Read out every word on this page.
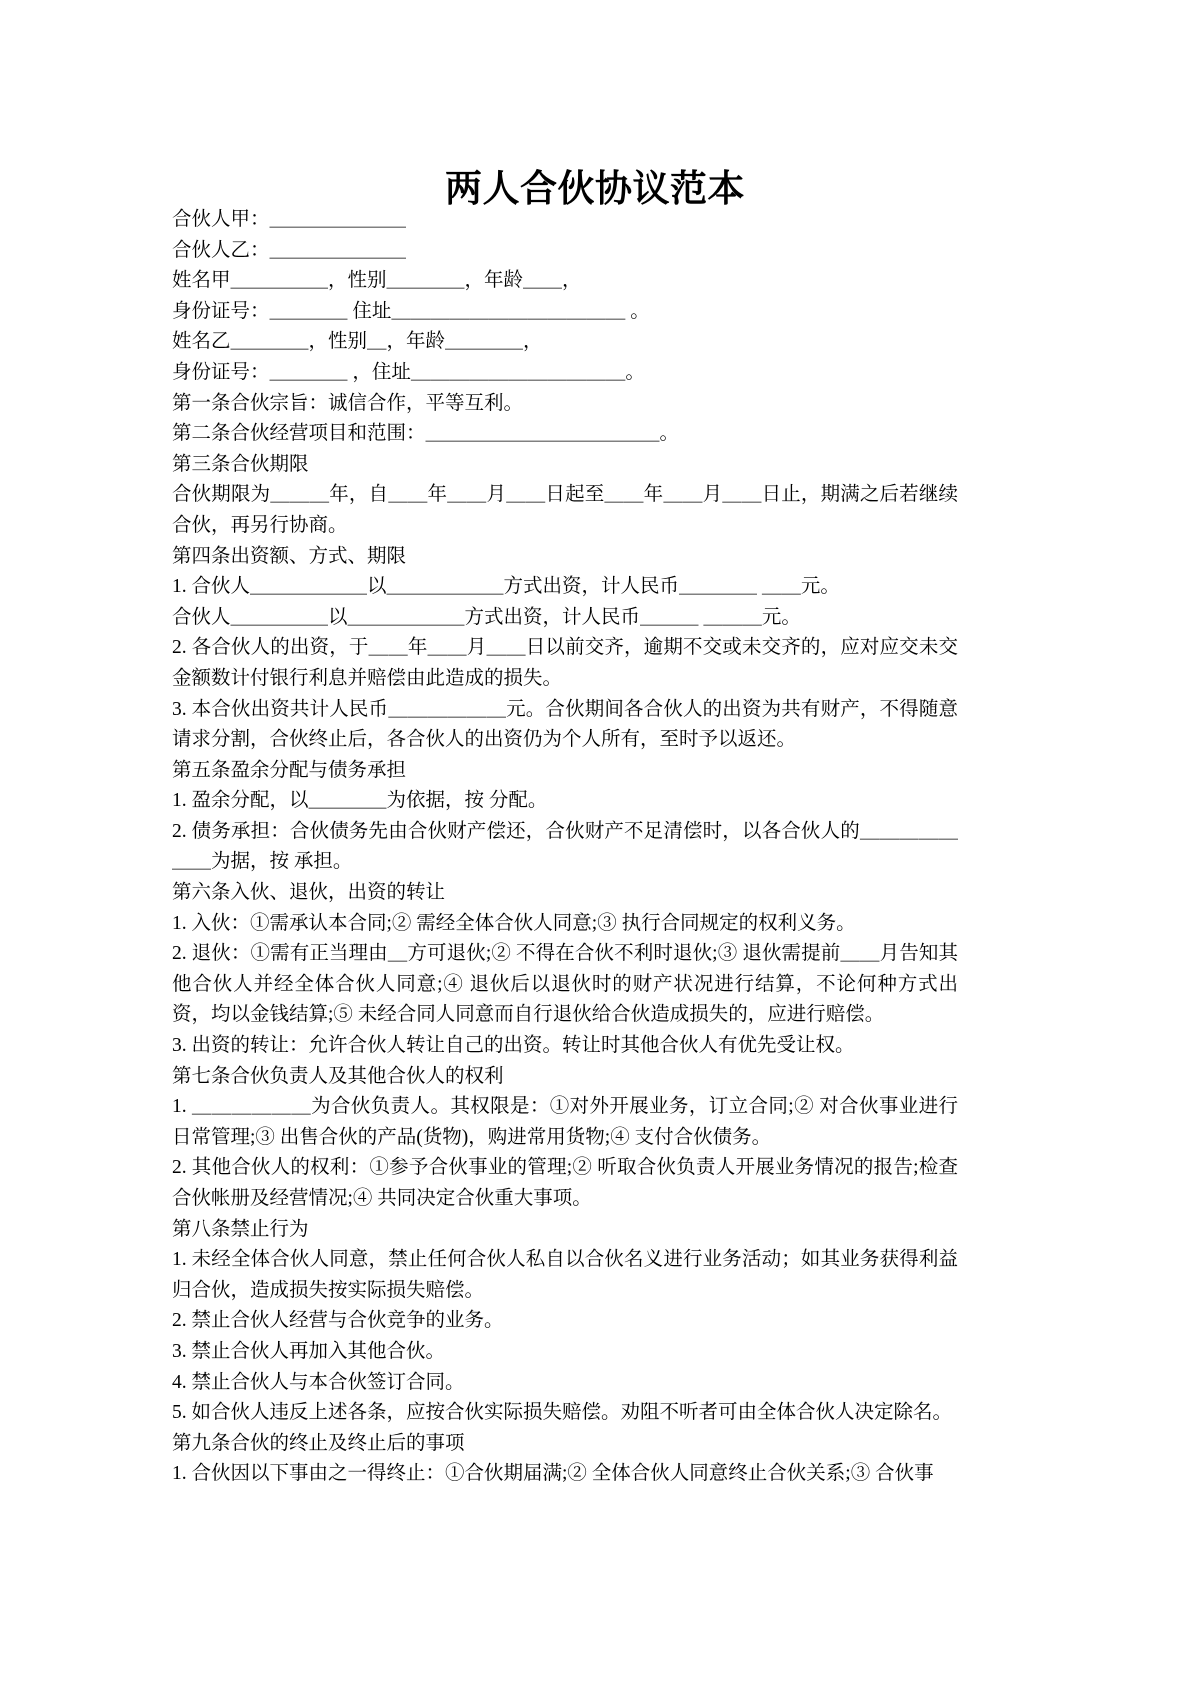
两人合伙协议范本

合伙人甲：＿＿＿＿＿＿＿

合伙人乙：＿＿＿＿＿＿＿

姓名甲＿＿＿＿＿，性别＿＿＿＿，年龄＿＿，

身份证号：＿＿＿＿ 住址＿＿＿＿＿＿＿＿＿＿＿＿ 。

姓名乙＿＿＿＿，性别＿，年龄＿＿＿＿，

身份证号：＿＿＿＿ ，住址＿＿＿＿＿＿＿＿＿＿＿。

第一条合伙宗旨：诚信合作，平等互利。

第二条合伙经营项目和范围：＿＿＿＿＿＿＿＿＿＿＿＿。

第三条合伙期限

合伙期限为＿＿＿年，自＿＿年＿＿月＿＿日起至＿＿年＿＿月＿＿日止，期满之后若继续合伙，再另行协商。

第四条出资额、方式、期限

1. 合伙人＿＿＿＿＿＿以＿＿＿＿＿＿方式出资，计人民币＿＿＿＿ ＿＿元。

合伙人＿＿＿＿＿以＿＿＿＿＿＿方式出资，计人民币＿＿＿ ＿＿＿元。

2. 各合伙人的出资，于＿＿年＿＿月＿＿日以前交齐，逾期不交或未交齐的，应对应交未交金额数计付银行利息并赔偿由此造成的损失。

3. 本合伙出资共计人民币＿＿＿＿＿＿元。合伙期间各合伙人的出资为共有财产，不得随意请求分割，合伙终止后，各合伙人的出资仍为个人所有，至时予以返还。

第五条盈余分配与债务承担

1. 盈余分配，以＿＿＿＿为依据，按 分配。

2. 债务承担：合伙债务先由合伙财产偿还，合伙财产不足清偿时，以各合伙人的＿＿＿＿＿＿＿为据，按 承担。

第六条入伙、退伙，出资的转让

1. 入伙：①需承认本合同;② 需经全体合伙人同意;③ 执行合同规定的权利义务。

2. 退伙：①需有正当理由＿方可退伙;② 不得在合伙不利时退伙;③ 退伙需提前＿＿月告知其他合伙人并经全体合伙人同意;④ 退伙后以退伙时的财产状况进行结算，不论何种方式出资，均以金钱结算;⑤ 未经合同人同意而自行退伙给合伙造成损失的，应进行赔偿。

3. 出资的转让：允许合伙人转让自己的出资。转让时其他合伙人有优先受让权。

第七条合伙负责人及其他合伙人的权利

1. ＿＿＿＿＿＿为合伙负责人。其权限是：①对外开展业务，订立合同;② 对合伙事业进行日常管理;③ 出售合伙的产品(货物)，购进常用货物;④ 支付合伙债务。

2. 其他合伙人的权利：①参予合伙事业的管理;② 听取合伙负责人开展业务情况的报告;检查合伙帐册及经营情况;④ 共同决定合伙重大事项。

第八条禁止行为

1. 未经全体合伙人同意，禁止任何合伙人私自以合伙名义进行业务活动；如其业务获得利益归合伙，造成损失按实际损失赔偿。

2. 禁止合伙人经营与合伙竞争的业务。

3. 禁止合伙人再加入其他合伙。

4. 禁止合伙人与本合伙签订合同。

5. 如合伙人违反上述各条，应按合伙实际损失赔偿。劝阻不听者可由全体合伙人决定除名。

第九条合伙的终止及终止后的事项

1. 合伙因以下事由之一得终止：①合伙期届满;② 全体合伙人同意终止合伙关系;③ 合伙事
